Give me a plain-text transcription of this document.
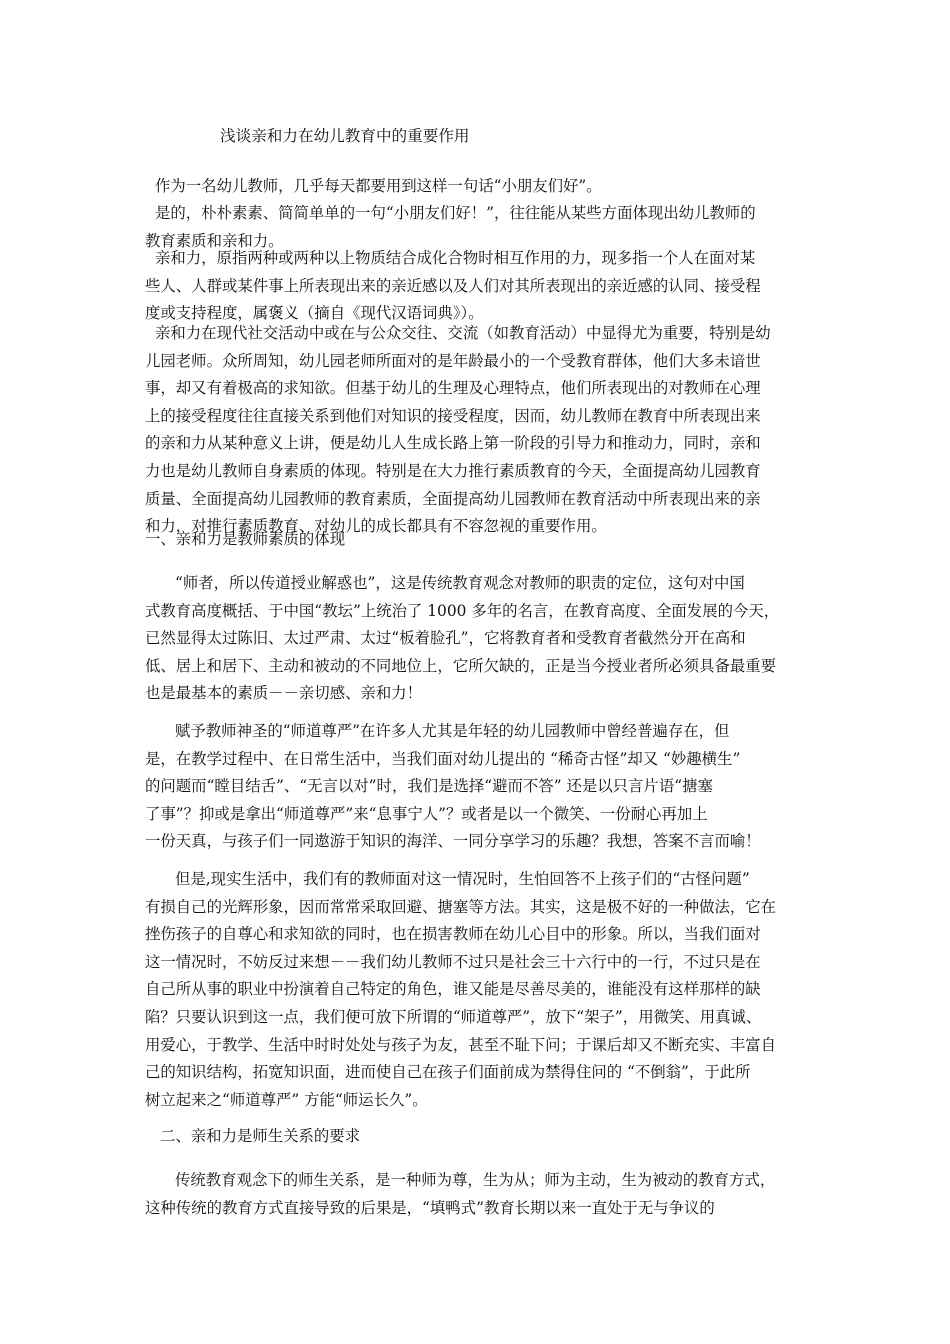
浅谈亲和力在幼儿教育中的重要作用

作为一名幼儿教师，几乎每天都要用到这样一句话“小朋友们好”。

是的，朴朴素素、简简单单的一句“小朋友们好！”，往往能从某些方面体现出幼儿教师的
教育素质和亲和力。

亲和力，原指两种或两种以上物质结合成化合物时相互作用的力，现多指一个人在面对某
些人、人群或某件事上所表现出来的亲近感以及人们对其所表现出的亲近感的认同、接受程
度或支持程度，属褒义（摘自《现代汉语词典》）。

亲和力在现代社交活动中或在与公众交往、交流（如教育活动）中显得尤为重要，特别是幼
儿园老师。众所周知，幼儿园老师所面对的是年龄最小的一个受教育群体，他们大多未谙世
事，却又有着极高的求知欲。但基于幼儿的生理及心理特点，他们所表现出的对教师在心理
上的接受程度往往直接关系到他们对知识的接受程度，因而，幼儿教师在教育中所表现出来
的亲和力从某种意义上讲，便是幼儿人生成长路上第一阶段的引导力和推动力，同时，亲和
力也是幼儿教师自身素质的体现。特别是在大力推行素质教育的今天，全面提高幼儿园教育
质量、全面提高幼儿园教师的教育素质，全面提高幼儿园教师在教育活动中所表现出来的亲
和力，对推行素质教育、对幼儿的成长都具有不容忽视的重要作用。

一、亲和力是教师素质的体现

“师者，所以传道授业解惑也”，这是传统教育观念对教师的职责的定位，这句对中国
式教育高度概括、于中国“教坛”上统治了 1000 多年的名言，在教育高度、全面发展的今天，
已然显得太过陈旧、太过严肃、太过“板着脸孔”，它将教育者和受教育者截然分开在高和
低、居上和居下、主动和被动的不同地位上，它所欠缺的，正是当今授业者所必须具备最重要
也是最基本的素质－－亲切感、亲和力！

赋予教师神圣的“师道尊严”在许多人尤其是年轻的幼儿园教师中曾经普遍存在，但
是，在教学过程中、在日常生活中，当我们面对幼儿提出的 “稀奇古怪”却又 “妙趣横生”
的问题而“瞠目结舌”、“无言以对”时，我们是选择“避而不答” 还是以只言片语“搪塞
了事”？抑或是拿出“师道尊严”来“息事宁人”？或者是以一个微笑、一份耐心再加上
一份天真，与孩子们一同遨游于知识的海洋、一同分享学习的乐趣？我想，答案不言而喻！

但是,现实生活中，我们有的教师面对这一情况时，生怕回答不上孩子们的“古怪问题”
有损自己的光辉形象，因而常常采取回避、搪塞等方法。其实，这是极不好的一种做法，它在
挫伤孩子的自尊心和求知欲的同时，也在损害教师在幼儿心目中的形象。所以，当我们面对
这一情况时，不妨反过来想－－我们幼儿教师不过只是社会三十六行中的一行，不过只是在
自己所从事的职业中扮演着自己特定的角色，谁又能是尽善尽美的，谁能没有这样那样的缺
陷？只要认识到这一点，我们便可放下所谓的“师道尊严”，放下“架子”，用微笑、用真诚、
用爱心，于教学、生活中时时处处与孩子为友，甚至不耻下问；于课后却又不断充实、丰富自
己的知识结构，拓宽知识面，进而使自己在孩子们面前成为禁得住问的 “不倒翁”，于此所
树立起来之“师道尊严” 方能“师运长久”。

二、亲和力是师生关系的要求

传统教育观念下的师生关系，是一种师为尊，生为从；师为主动，生为被动的教育方式，
这种传统的教育方式直接导致的后果是，“填鸭式”教育长期以来一直处于无与争议的
